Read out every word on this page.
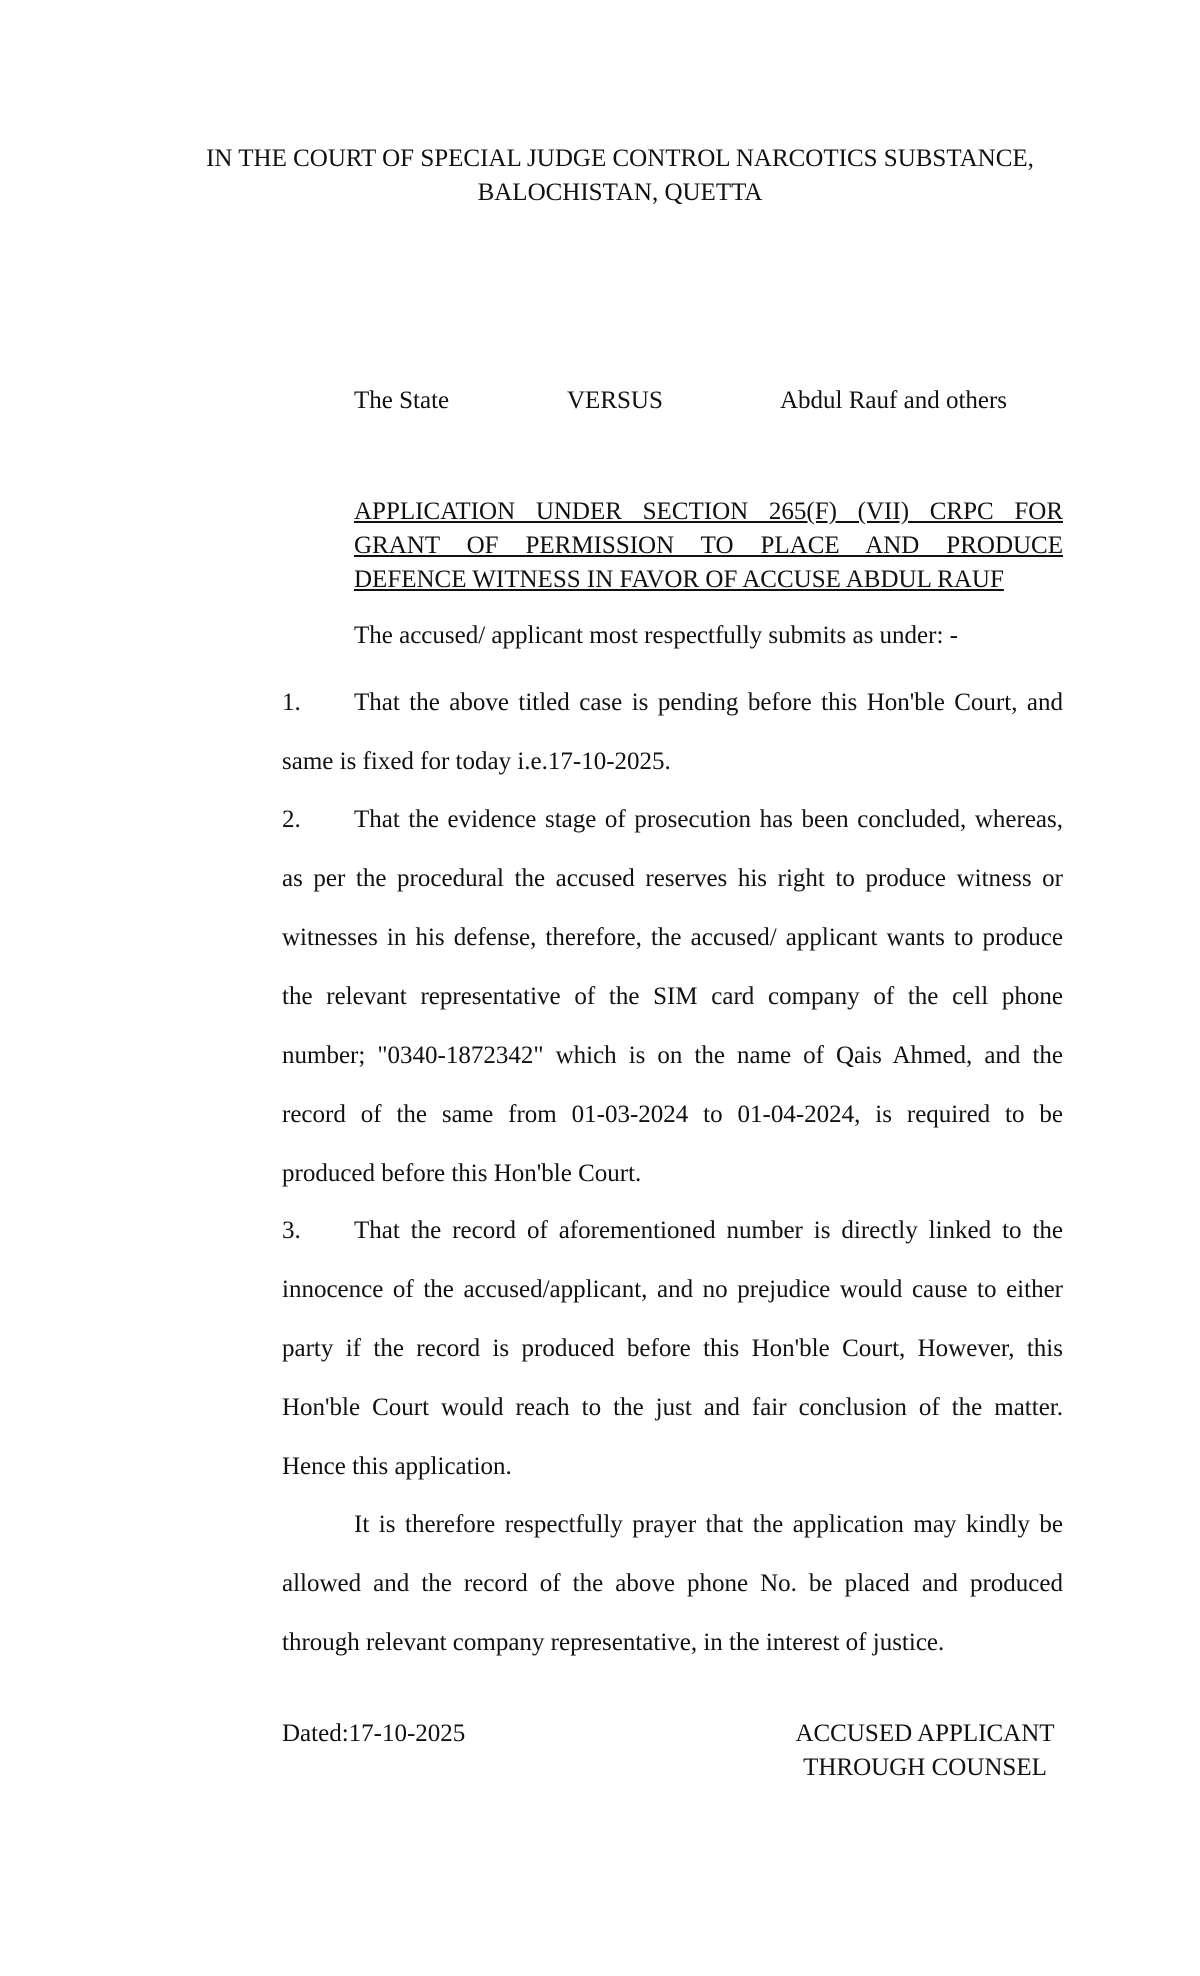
IN THE COURT OF SPECIAL JUDGE CONTROL NARCOTICS SUBSTANCE,
BALOCHISTAN, QUETTA
The State	VERSUS	Abdul Rauf and others
APPLICATION UNDER SECTION 265(F) (VII) CRPC FOR
GRANT OF PERMISSION TO PLACE AND PRODUCE
DEFENCE WITNESS IN FAVOR OF ACCUSE ABDUL RAUF
The accused/ applicant most respectfully submits as under: -
1. That the above titled case is pending before this Hon'ble Court, and same is fixed for today i.e.17-10-2025.
2. That the evidence stage of prosecution has been concluded, whereas, as per the procedural the accused reserves his right to produce witness or witnesses in his defense, therefore, the accused/ applicant wants to produce the relevant representative of the SIM card company of the cell phone number; "0340-1872342" which is on the name of Qais Ahmed, and the record of the same from 01-03-2024 to 01-04-2024, is required to be produced before this Hon'ble Court.
3. That the record of aforementioned number is directly linked to the innocence of the accused/applicant, and no prejudice would cause to either party if the record is produced before this Hon'ble Court, However, this Hon'ble Court would reach to the just and fair conclusion of the matter. Hence this application.
It is therefore respectfully prayer that the application may kindly be allowed and the record of the above phone No. be placed and produced through relevant company representative, in the interest of justice.
Dated:17-10-2025	ACCUSED APPLICANT
THROUGH COUNSEL
